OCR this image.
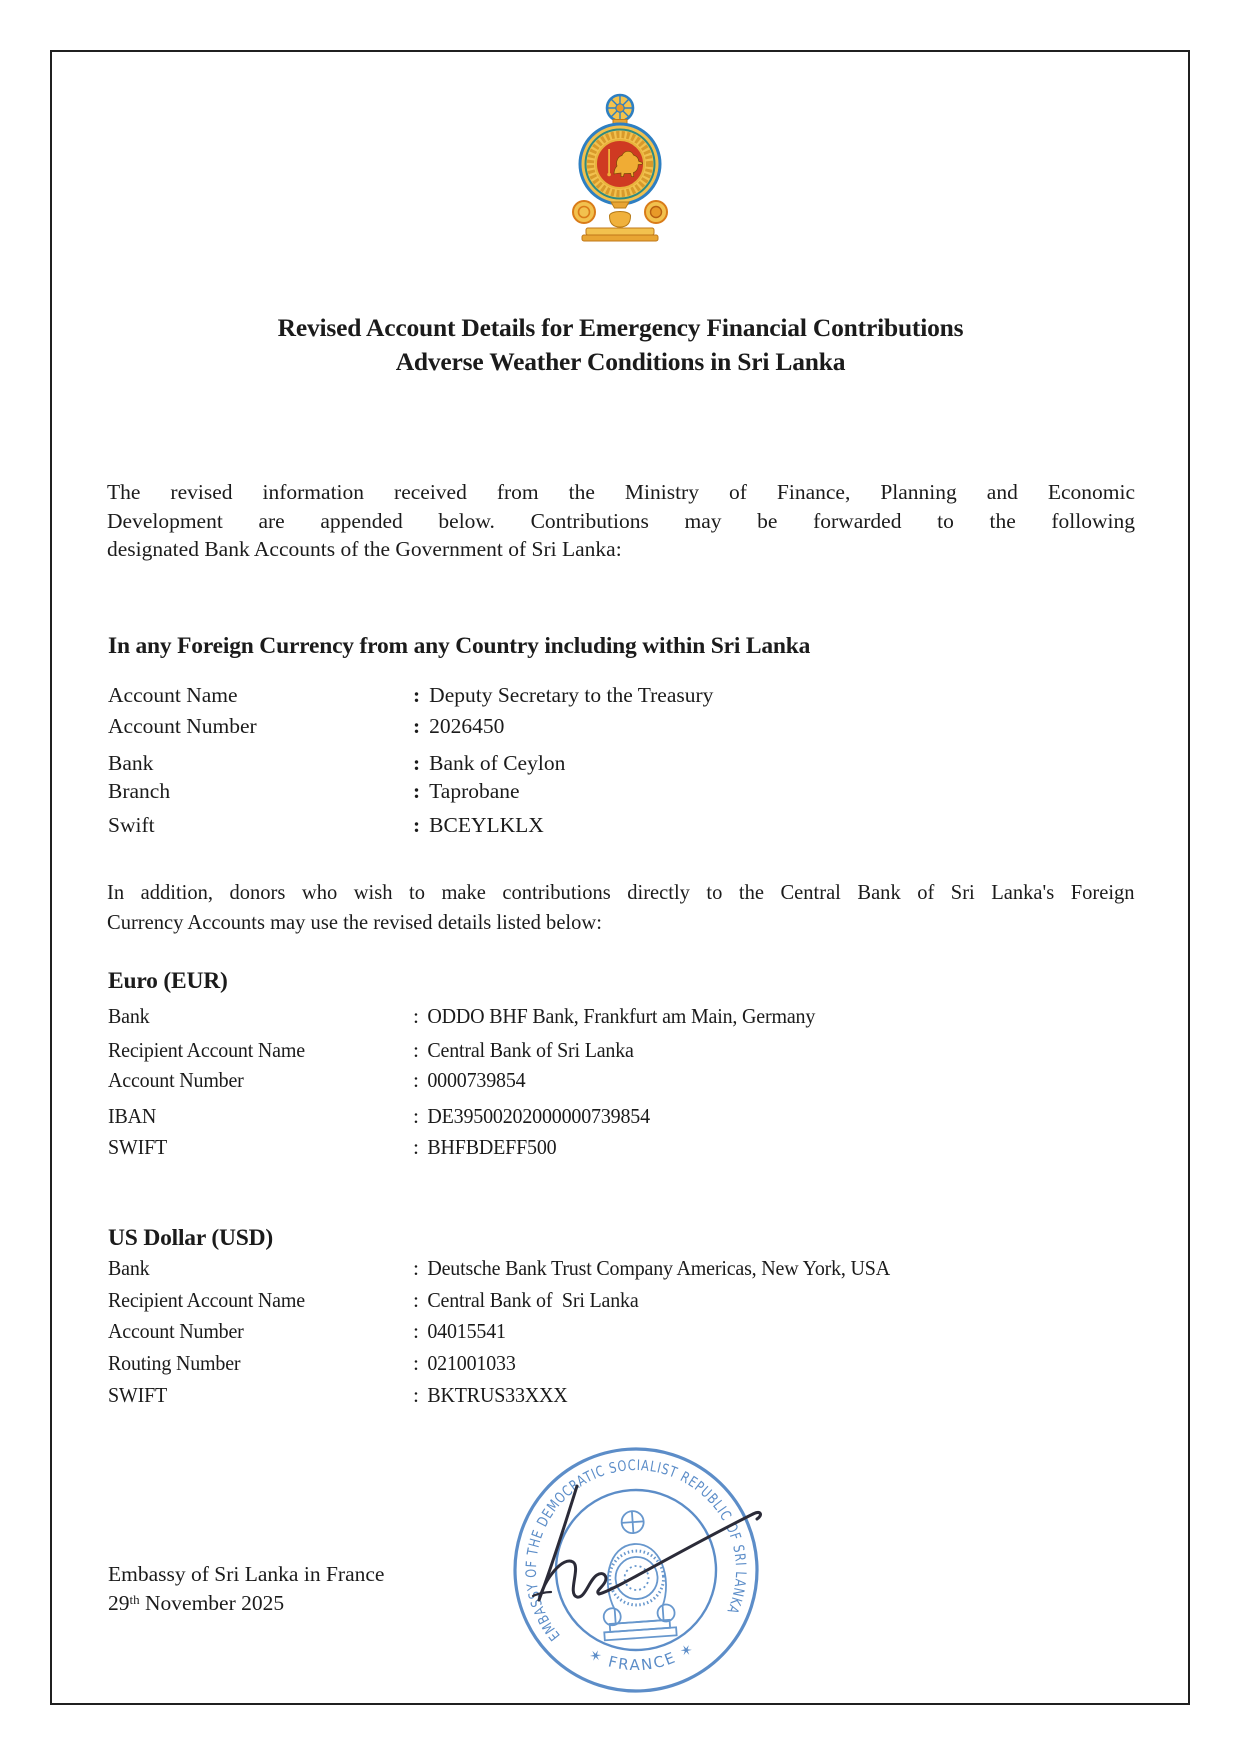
Revised Account Details for Emergency Financial Contributions
Adverse Weather Conditions in Sri Lanka
The revised information received from the Ministry of Finance, Planning and Economic
Development are appended below. Contributions may be forwarded to the following
designated Bank Accounts of the Government of Sri Lanka:
In any Foreign Currency from any Country including within Sri Lanka
Account Name	: Deputy Secretary to the Treasury
Account Number	: 2026450
Bank	: Bank of Ceylon
Branch	: Taprobane
Swift	: BCEYLKLX
In addition, donors who wish to make contributions directly to the Central Bank of Sri Lanka's Foreign
Currency Accounts may use the revised details listed below:
Euro (EUR)
Bank	: ODDO BHF Bank, Frankfurt am Main, Germany
Recipient Account Name	: Central Bank of Sri Lanka
Account Number	: 0000739854
IBAN	: DE39500202000000739854
SWIFT	: BHFBDEFF500
US Dollar (USD)
Bank	: Deutsche Bank Trust Company Americas, New York, USA
Recipient Account Name	: Central Bank of  Sri Lanka
Account Number	: 04015541
Routing Number	: 021001033
SWIFT	: BKTRUS33XXX
EMBASSY OF THE DEMOCRATIC SOCIALIST REPUBLIC OF SRI LANKA
✶ FRANCE ✶
Embassy of Sri Lanka in France
29th November 2025
